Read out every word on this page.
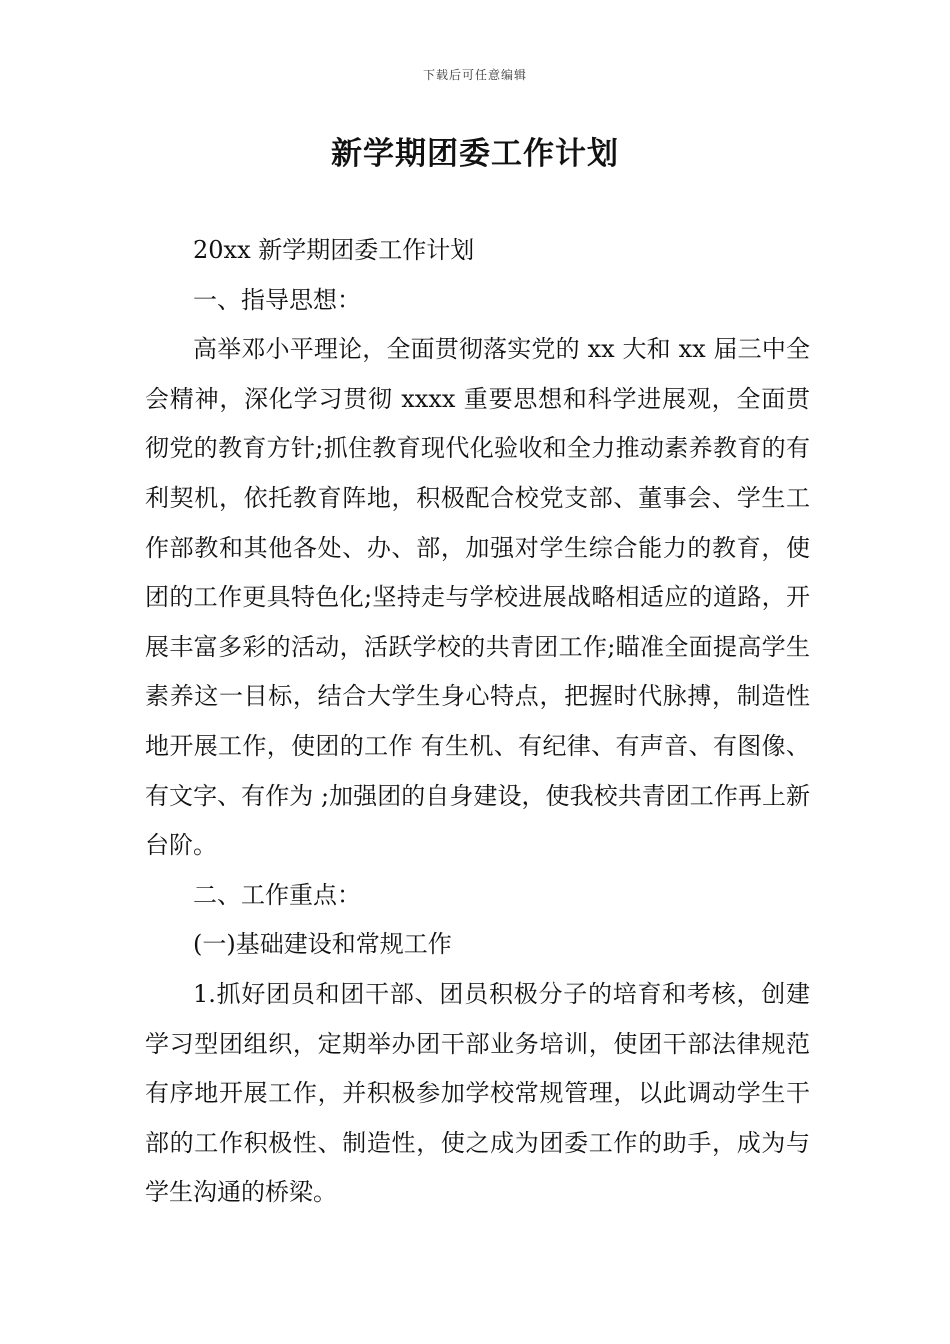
下载后可任意编辑
新学期团委工作计划

20xx 新学期团委工作计划

一、指导思想：

高举邓小平理论，全面贯彻落实党的 xx 大和 xx 届三中全会精神，深化学习贯彻 xxxx 重要思想和科学进展观，全面贯彻党的教育方针;抓住教育现代化验收和全力推动素养教育的有利契机，依托教育阵地，积极配合校党支部、董事会、学生工作部教和其他各处、办、部，加强对学生综合能力的教育，使团的工作更具特色化;坚持走与学校进展战略相适应的道路，开展丰富多彩的活动，活跃学校的共青团工作;瞄准全面提高学生素养这一目标，结合大学生身心特点，把握时代脉搏，制造性地开展工作，使团的工作 有生机、有纪律、有声音、有图像、有文字、有作为 ;加强团的自身建设，使我校共青团工作再上新台阶。

二、工作重点：

(一)基础建设和常规工作

1.抓好团员和团干部、团员积极分子的培育和考核，创建学习型团组织，定期举办团干部业务培训，使团干部法律规范有序地开展工作，并积极参加学校常规管理，以此调动学生干部的工作积极性、制造性，使之成为团委工作的助手，成为与学生沟通的桥梁。
